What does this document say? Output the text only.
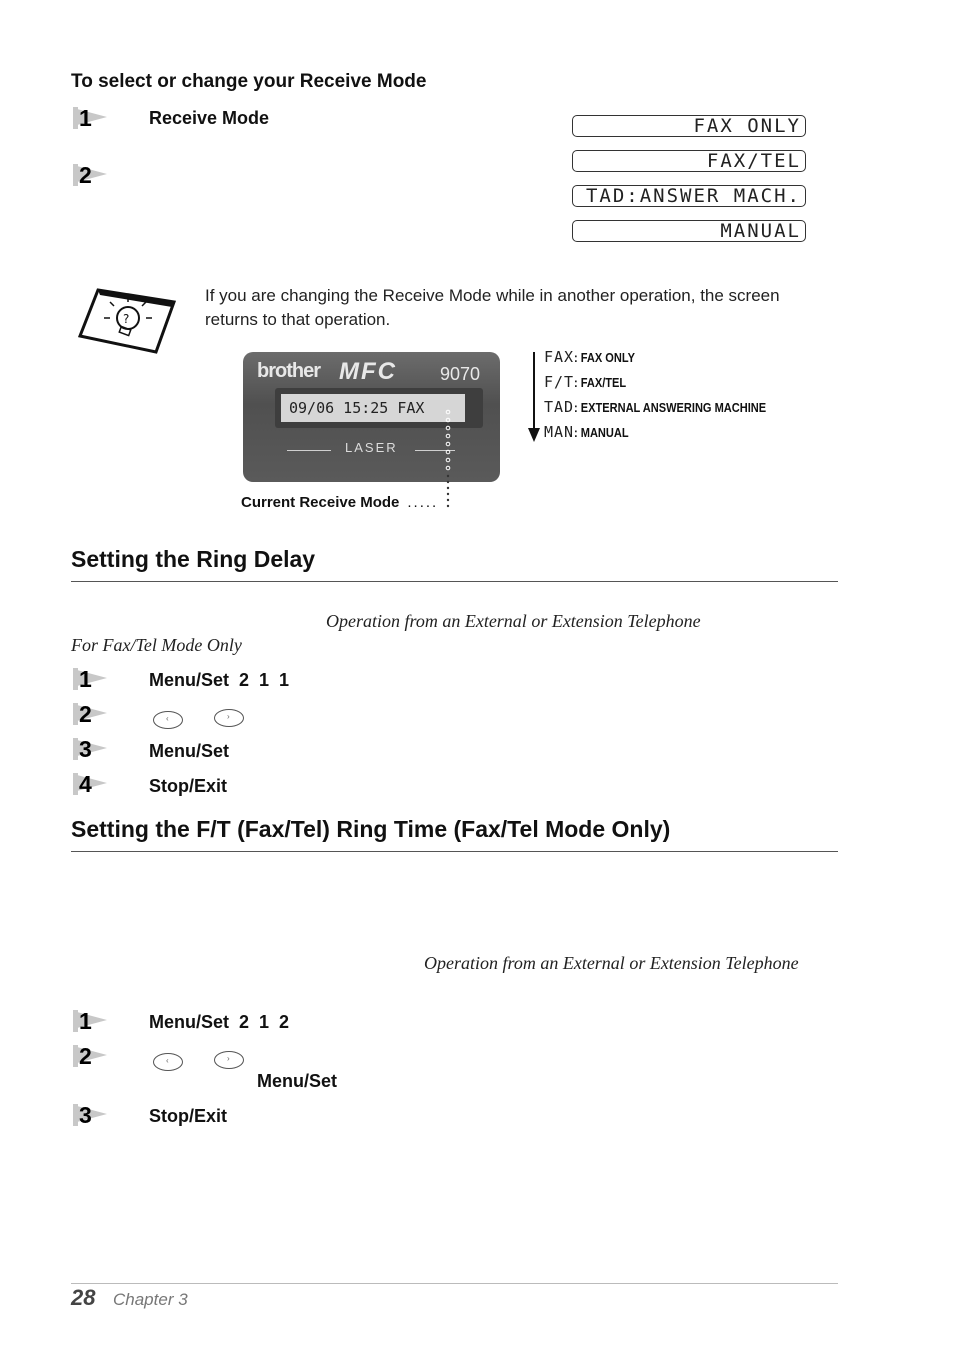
To select or change your Receive Mode
1	Receive Mode
2
FAX ONLY
FAX/TEL
TAD:ANSWER MACH.
MANUAL
?
If you are changing the Receive Mode while in another operation, the screen returns to that operation.
brother MFC 9070
09/06 15:25 FAX
LASER
Current Receive Mode .....
FAX: FAX ONLY
F/T: FAX/TEL
TAD: EXTERNAL ANSWERING MACHINE
MAN: MANUAL
Setting the Ring Delay
Operation from an External or Extension Telephone
For Fax/Tel Mode Only
1	Menu/Set  2  1  1
2	‹	›
3	Menu/Set
4	Stop/Exit
Setting the F/T (Fax/Tel) Ring Time (Fax/Tel Mode Only)
Operation from an External or Extension Telephone
1	Menu/Set  2  1  2
2	‹	›
Menu/Set
3	Stop/Exit
28 Chapter 3
